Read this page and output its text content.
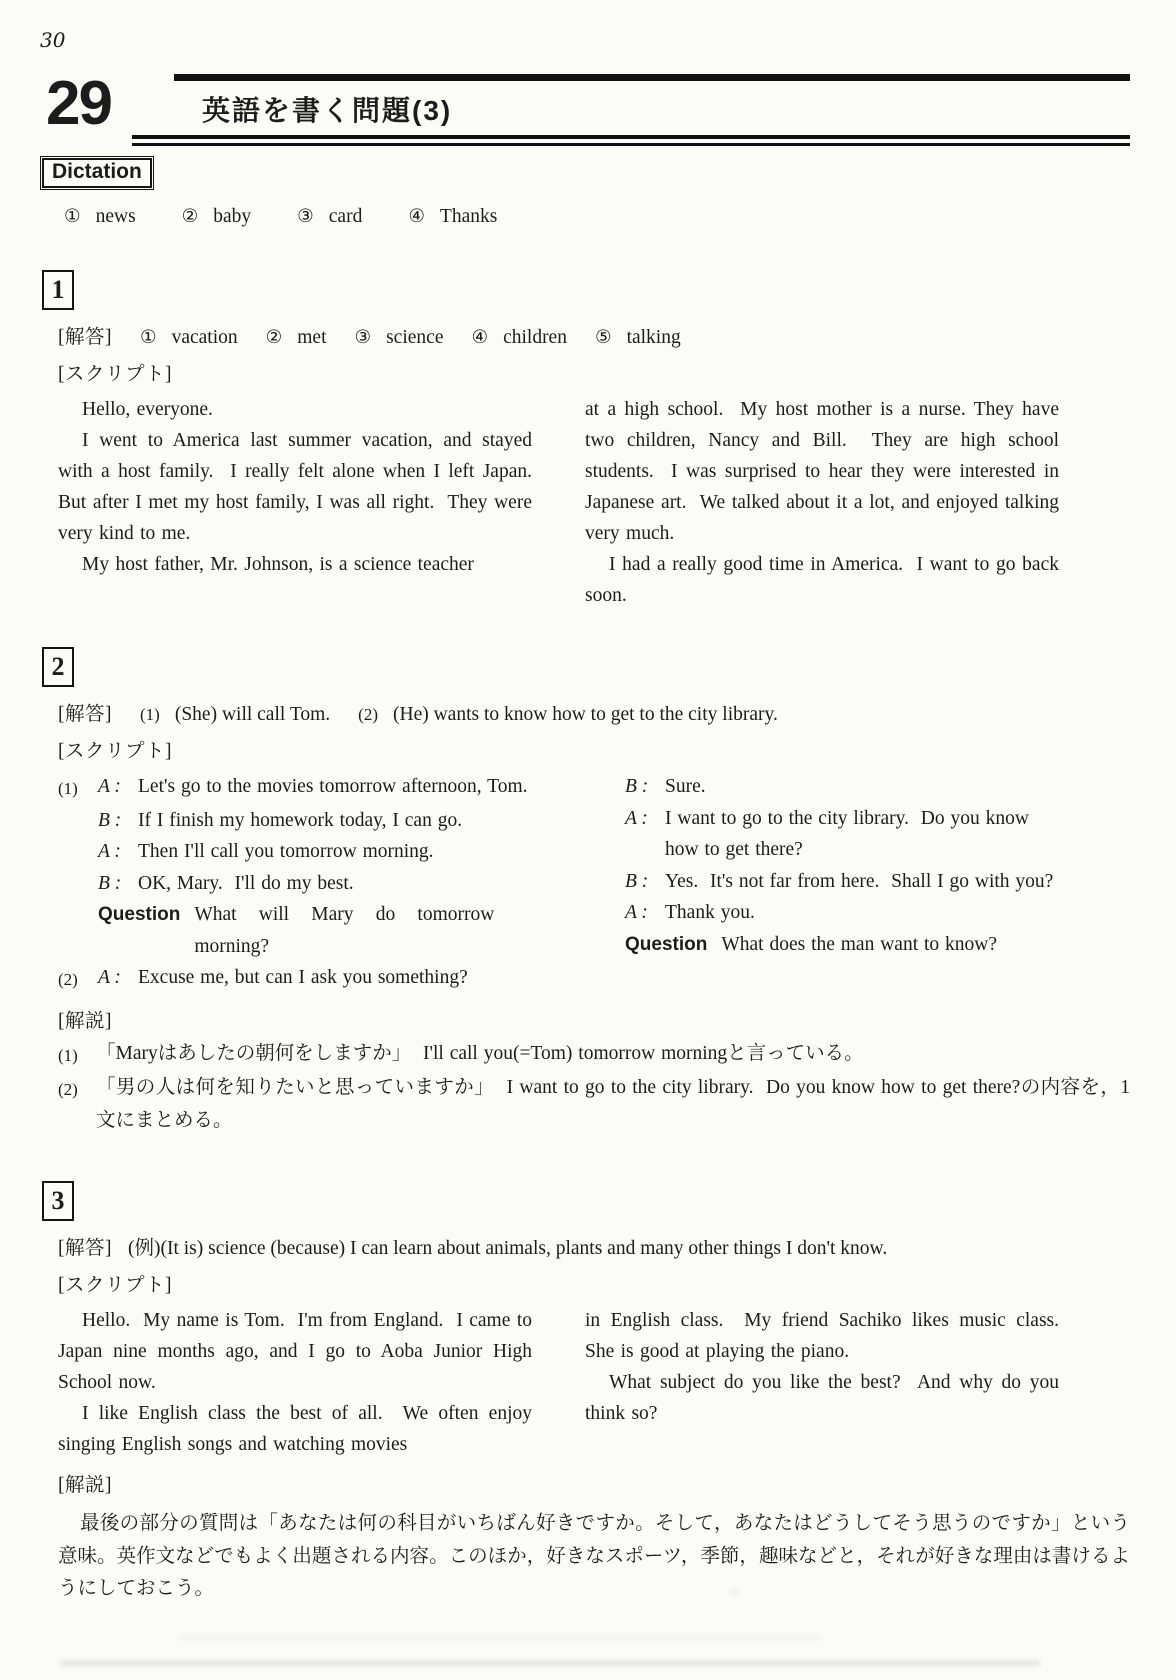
30
29	英語を書く問題(3)
Dictation
① news ② baby ③ card ④ Thanks
1
[解答] ① vacation ② met ③ science ④ children ⑤ talking
[スクリプト]

Hello, everyone.

I went to America last summer vacation, and stayed with a host family.  I really felt alone when I left Japan.  But after I met my host family, I was all right.  They were very kind to me.

My host father, Mr. Johnson, is a science teacher

at a high school.  My host mother is a nurse. They have two children, Nancy and Bill.  They are high school students.  I was surprised to hear they were interested in Japanese art.  We talked about it a lot, and enjoyed talking very much.

I had a really good time in America.  I want to go back soon.

2
[解答] (1) (She) will call Tom. (2) (He) wants to know how to get to the city library.
[スクリプト]
(1)	A : Let's go to the movies tomorrow afternoon, Tom.
B : If I finish my homework today, I can go.
A : Then I'll call you tomorrow morning.
B : OK, Mary.  I'll do my best.
Question What will Mary do tomorrow morning?
(2)	A : Excuse me, but can I ask you something?
B : Sure.
A : I want to go to the city library.  Do you know how to get there?
B : Yes.  It's not far from here.  Shall I go with you?
A : Thank you.
Question What does the man want to know?
[解説]
(1) 「Maryはあしたの朝何をしますか」  I'll call you(=Tom) tomorrow morningと言っている。
(2) 「男の人は何を知りたいと思っていますか」  I want to go to the city library.  Do you know how to get there?の内容を，1文にまとめる。
3
[解答] (例)(It is) science (because) I can learn about animals, plants and many other things I don't know.
[スクリプト]

Hello.  My name is Tom.  I'm from England.  I came to Japan nine months ago, and I go to Aoba Junior High School now.

I like English class the best of all.  We often enjoy singing English songs and watching movies

in English class.  My friend Sachiko likes music class.  She is good at playing the piano.

What subject do you like the best?  And why do you think so?

[解説]
最後の部分の質問は「あなたは何の科目がいちばん好きですか。そして，あなたはどうしてそう思うのですか」という意味。英作文などでもよく出題される内容。このほか，好きなスポーツ，季節，趣味などと，それが好きな理由は書けるようにしておこう。
